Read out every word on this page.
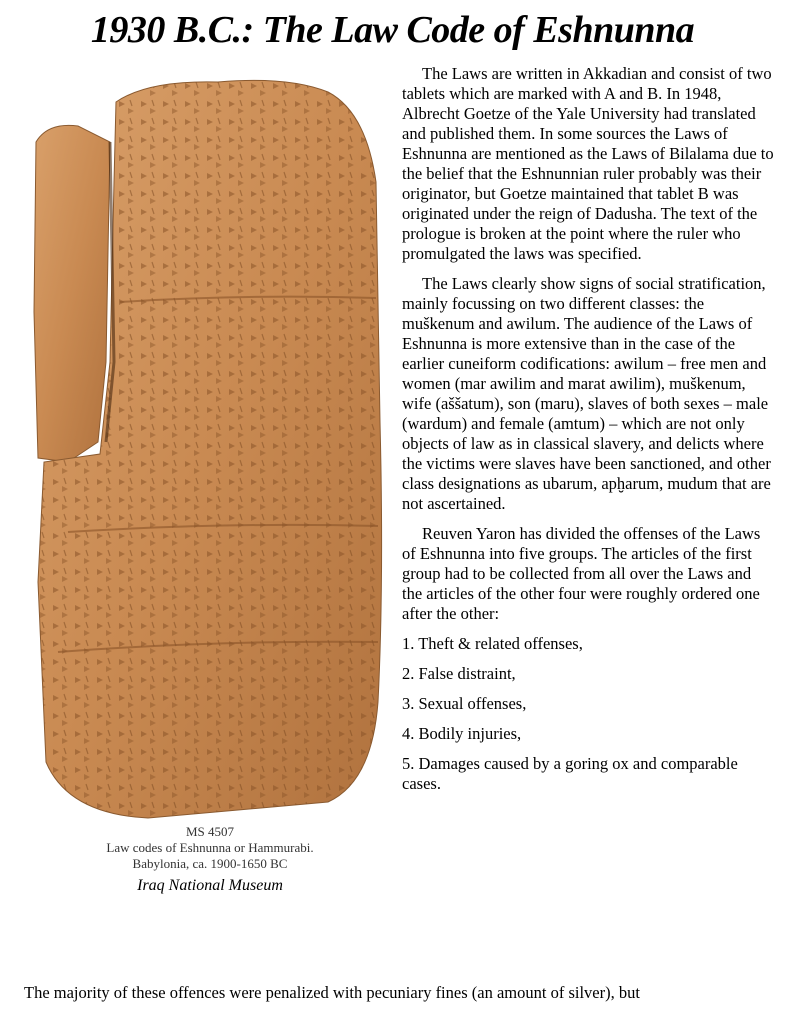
1930 B.C.: The Law Code of Eshnunna
MS 4507
Law codes of Eshnunna or Hammurabi.
Babylonia, ca. 1900-1650 BC
Iraq National Museum

The Laws are written in Akkadian and consist of two tablets which are marked with A and B. In 1948, Albrecht Goetze of the Yale University had translated and published them. In some sources the Laws of Eshnunna are mentioned as the Laws of Bilalama due to the belief that the Eshnunnian ruler probably was their originator, but Goetze maintained that tablet B was originated under the reign of Dadusha. The text of the prologue is broken at the point where the ruler who promulgated the laws was specified.

The Laws clearly show signs of social stratification, mainly focussing on two different classes: the muškenum and awilum. The audience of the Laws of Eshnunna is more extensive than in the case of the earlier cuneiform codifications: awilum – free men and women (mar awilim and marat awilim), muškenum, wife (aššatum), son (maru), slaves of both sexes – male (wardum) and female (amtum) – which are not only objects of law as in classical slavery, and delicts where the victims were slaves have been sanctioned, and other class designations as ubarum, apḫarum, mudum that are not ascertained.

Reuven Yaron has divided the offenses of the Laws of Eshnunna into five groups. The articles of the first group had to be collected from all over the Laws and the articles of the other four were roughly ordered one after the other:

1. Theft & related offenses,
2. False distraint,
3. Sexual offenses,
4. Bodily injuries,
5. Damages caused by a goring ox and comparable cases.
The majority of these offences were penalized with pecuniary fines (an amount of silver), but
